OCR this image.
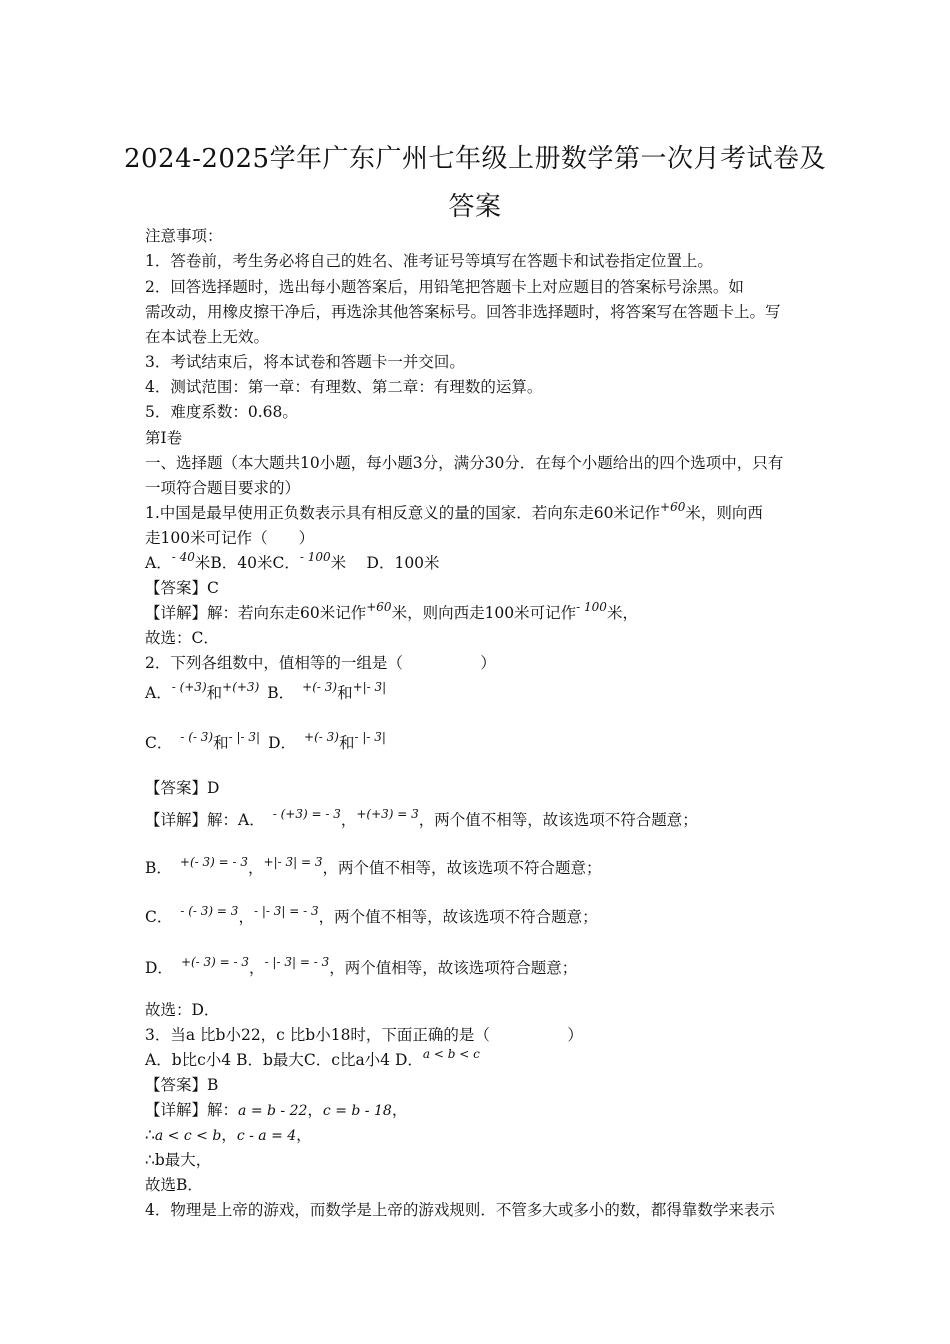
2024-2025学年广东广州七年级上册数学第一次月考试卷及
答案
注意事项：
1．答卷前，考生务必将自己的姓名、准考证号等填写在答题卡和试卷指定位置上。
2．回答选择题时，选出每小题答案后，用铅笔把答题卡上对应题目的答案标号涂黑。如
需改动，用橡皮擦干净后，再选涂其他答案标号。回答非选择题时，将答案写在答题卡上。写
在本试卷上无效。
3．考试结束后，将本试卷和答题卡一并交回。
4．测试范围：第一章：有理数、第二章：有理数的运算。
5．难度系数：0.68。
第Ⅰ卷
一、选择题（本大题共10小题，每小题3分，满分30分．在每个小题给出的四个选项中，只有
一项符合题目要求的）
1.中国是最早使用正负数表示具有相反意义的量的国家．若向东走60米记作$^{+60}$米，则向西
走100米可记作（　　）
A．$^{- 40}$米B．40米C．$^{- 100}$米　 D．100米
【答案】C
【详解】解：若向东走60米记作$^{+60}$米，则向西走100米可记作$^{- 100}$米，
故选：C．
2．下列各组数中，值相等的一组是（　　　　　）
A．$^{- (+3)}$和$^{+(+3)}$ B． $^{+(- 3)}$和$^{+|- 3|}$
C． $^{- (- 3)}$和$^{- |- 3|}$ D． $^{+(- 3)}$和$^{- |- 3|}$
【答案】D
【详解】解：A． $^{- (+3) = - 3}$，$^{+(+3) = 3}$，两个值不相等，故该选项不符合题意；
B． $^{+(- 3) = - 3}$，$^{+|- 3| = 3}$，两个值不相等，故该选项不符合题意；
C． $^{- (- 3) = 3}$，$^{- |- 3| = - 3}$，两个值不相等，故该选项不符合题意；
D． $^{+(- 3) = - 3}$，$^{- |- 3| = - 3}$，两个值相等，故该选项符合题意；
故选：D．
3．当a 比b小22，c 比b小18时，下面正确的是（　　　　　）
A．b比c小4 B．b最大C．c比a小4 D．$^{a < b < c}$
【答案】B
【详解】解：a = b - 22，c = b - 18，
∴a < c < b，c - a = 4，
∴b最大，
故选B．
4．物理是上帝的游戏，而数学是上帝的游戏规则．不管多大或多小的数，都得靠数学来表示
